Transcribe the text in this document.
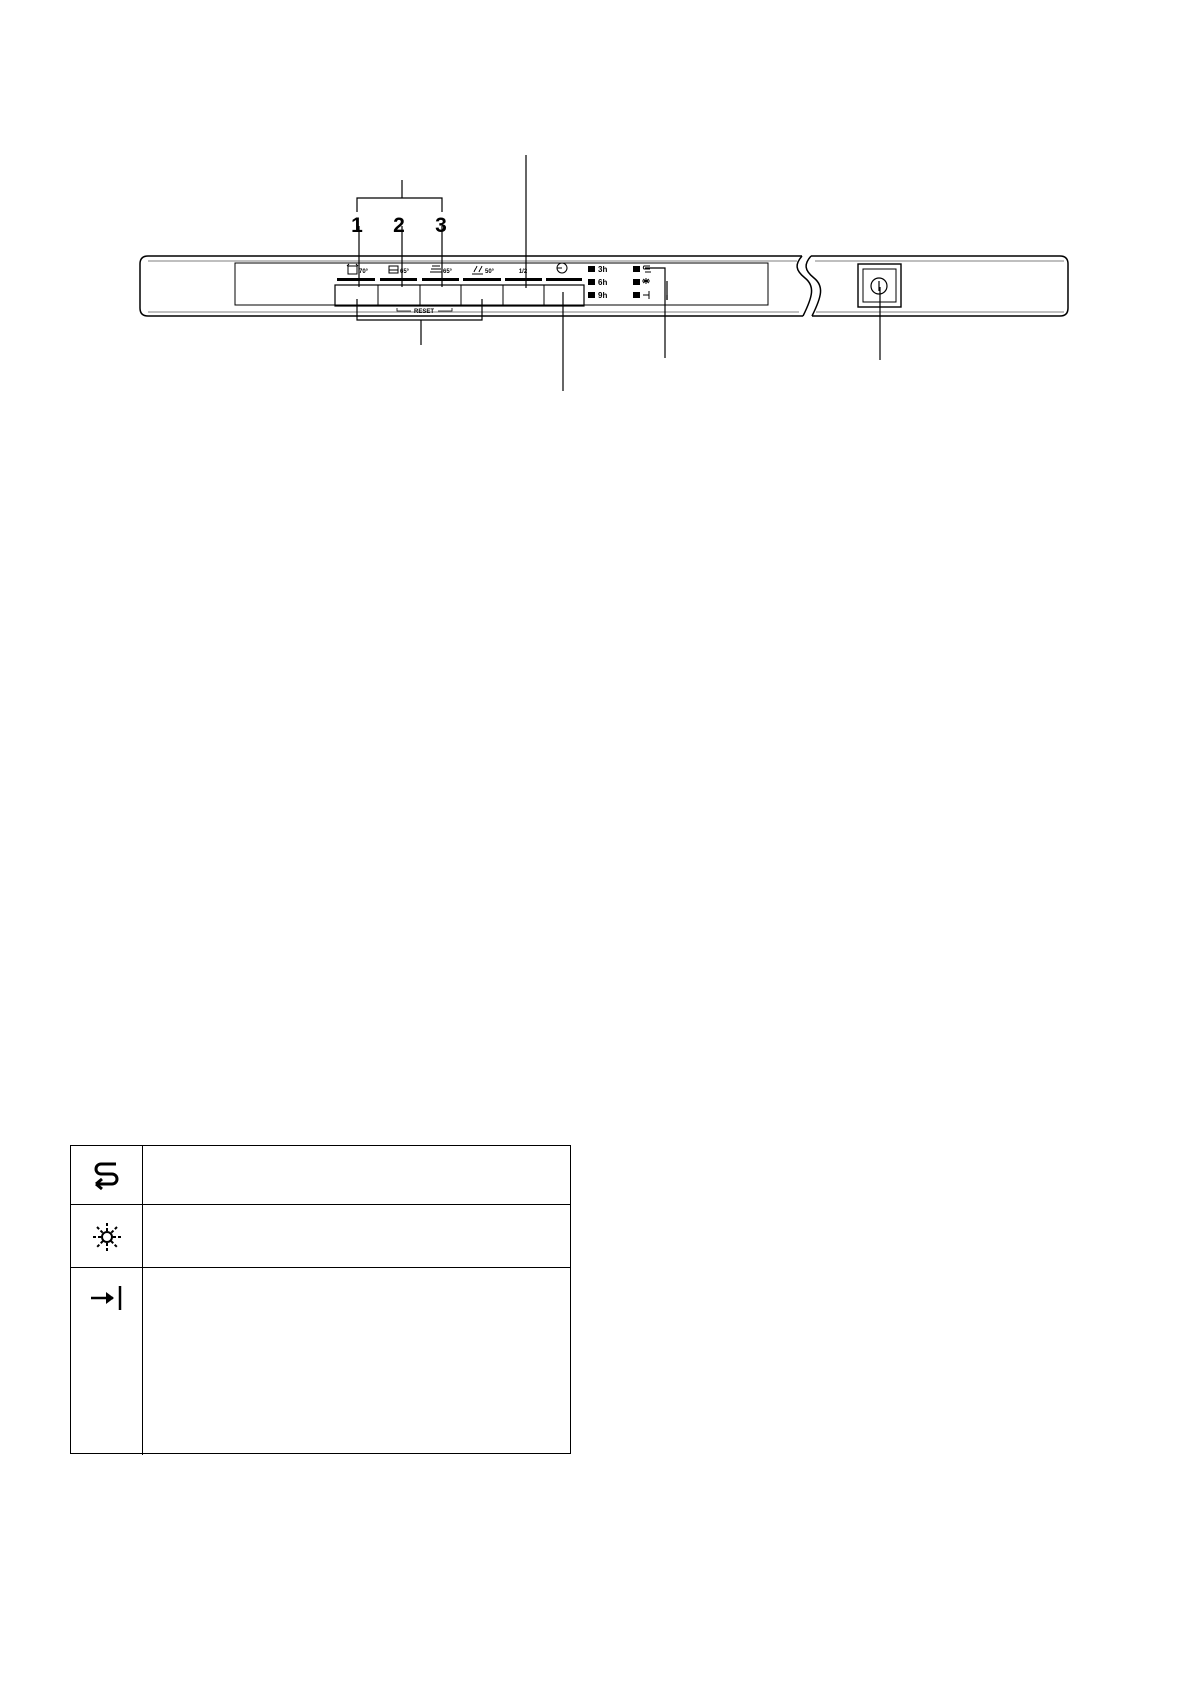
1 2 3
70°	65°	65°	50°	1/2
RESET
3h
6h
9h
